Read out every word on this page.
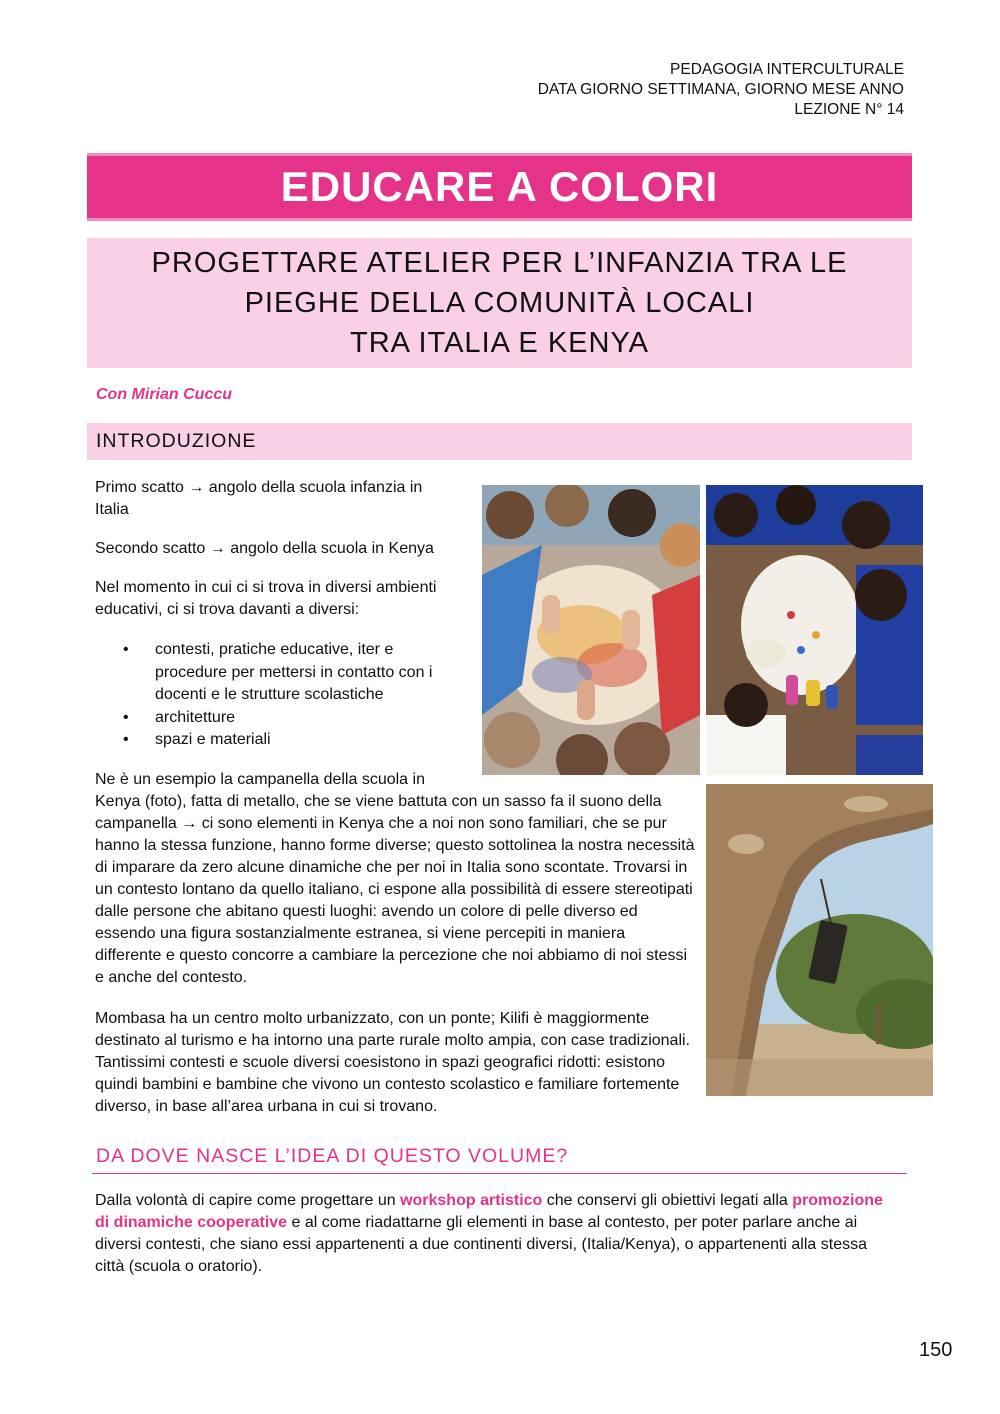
PEDAGOGIA INTERCULTURALE
DATA GIORNO SETTIMANA, GIORNO MESE ANNO
LEZIONE N° 14
EDUCARE A COLORI
PROGETTARE ATELIER PER L’INFANZIA TRA LE
PIEGHE DELLA COMUNITÀ LOCALI
TRA ITALIA E KENYA
Con Mirian Cuccu
INTRODUZIONE
Primo scatto → angolo della scuola infanzia in Italia
Secondo scatto → angolo della scuola in Kenya
Nel momento in cui ci si trova in diversi ambienti educativi, ci si trova davanti a diversi:
• contesti, pratiche educative, iter e procedure per mettersi in contatto con i docenti e le strutture scolastiche
• architetture
• spazi e materiali
Ne è un esempio la campanella della scuola in
Kenya (foto), fatta di metallo, che se viene battuta con un sasso fa il suono della campanella → ci sono elementi in Kenya che a noi non sono familiari, che se pur hanno la stessa funzione, hanno forme diverse; questo sottolinea la nostra necessità di imparare da zero alcune dinamiche che per noi in Italia sono scontate. Trovarsi in un contesto lontano da quello italiano, ci espone alla possibilità di essere stereotipati dalle persone che abitano questi luoghi: avendo un colore di pelle diverso ed essendo una figura sostanzialmente estranea, si viene percepiti in maniera differente e questo concorre a cambiare la percezione che noi abbiamo di noi stessi e anche del contesto.
Mombasa ha un centro molto urbanizzato, con un ponte; Kilifi è maggiormente destinato al turismo e ha intorno una parte rurale molto ampia, con case tradizionali. Tantissimi contesti e scuole diversi coesistono in spazi geografici ridotti: esistono quindi bambini e bambine che vivono un contesto scolastico e familiare fortemente diverso, in base all’area urbana in cui si trovano.
DA DOVE NASCE L’IDEA DI QUESTO VOLUME?
Dalla volontà di capire come progettare un workshop artistico che conservi gli obiettivi legati alla promozione di dinamiche cooperative e al come riadattarne gli elementi in base al contesto, per poter parlare anche ai diversi contesti, che siano essi appartenenti a due continenti diversi, (Italia/Kenya), o appartenenti alla stessa città (scuola o oratorio).
150
